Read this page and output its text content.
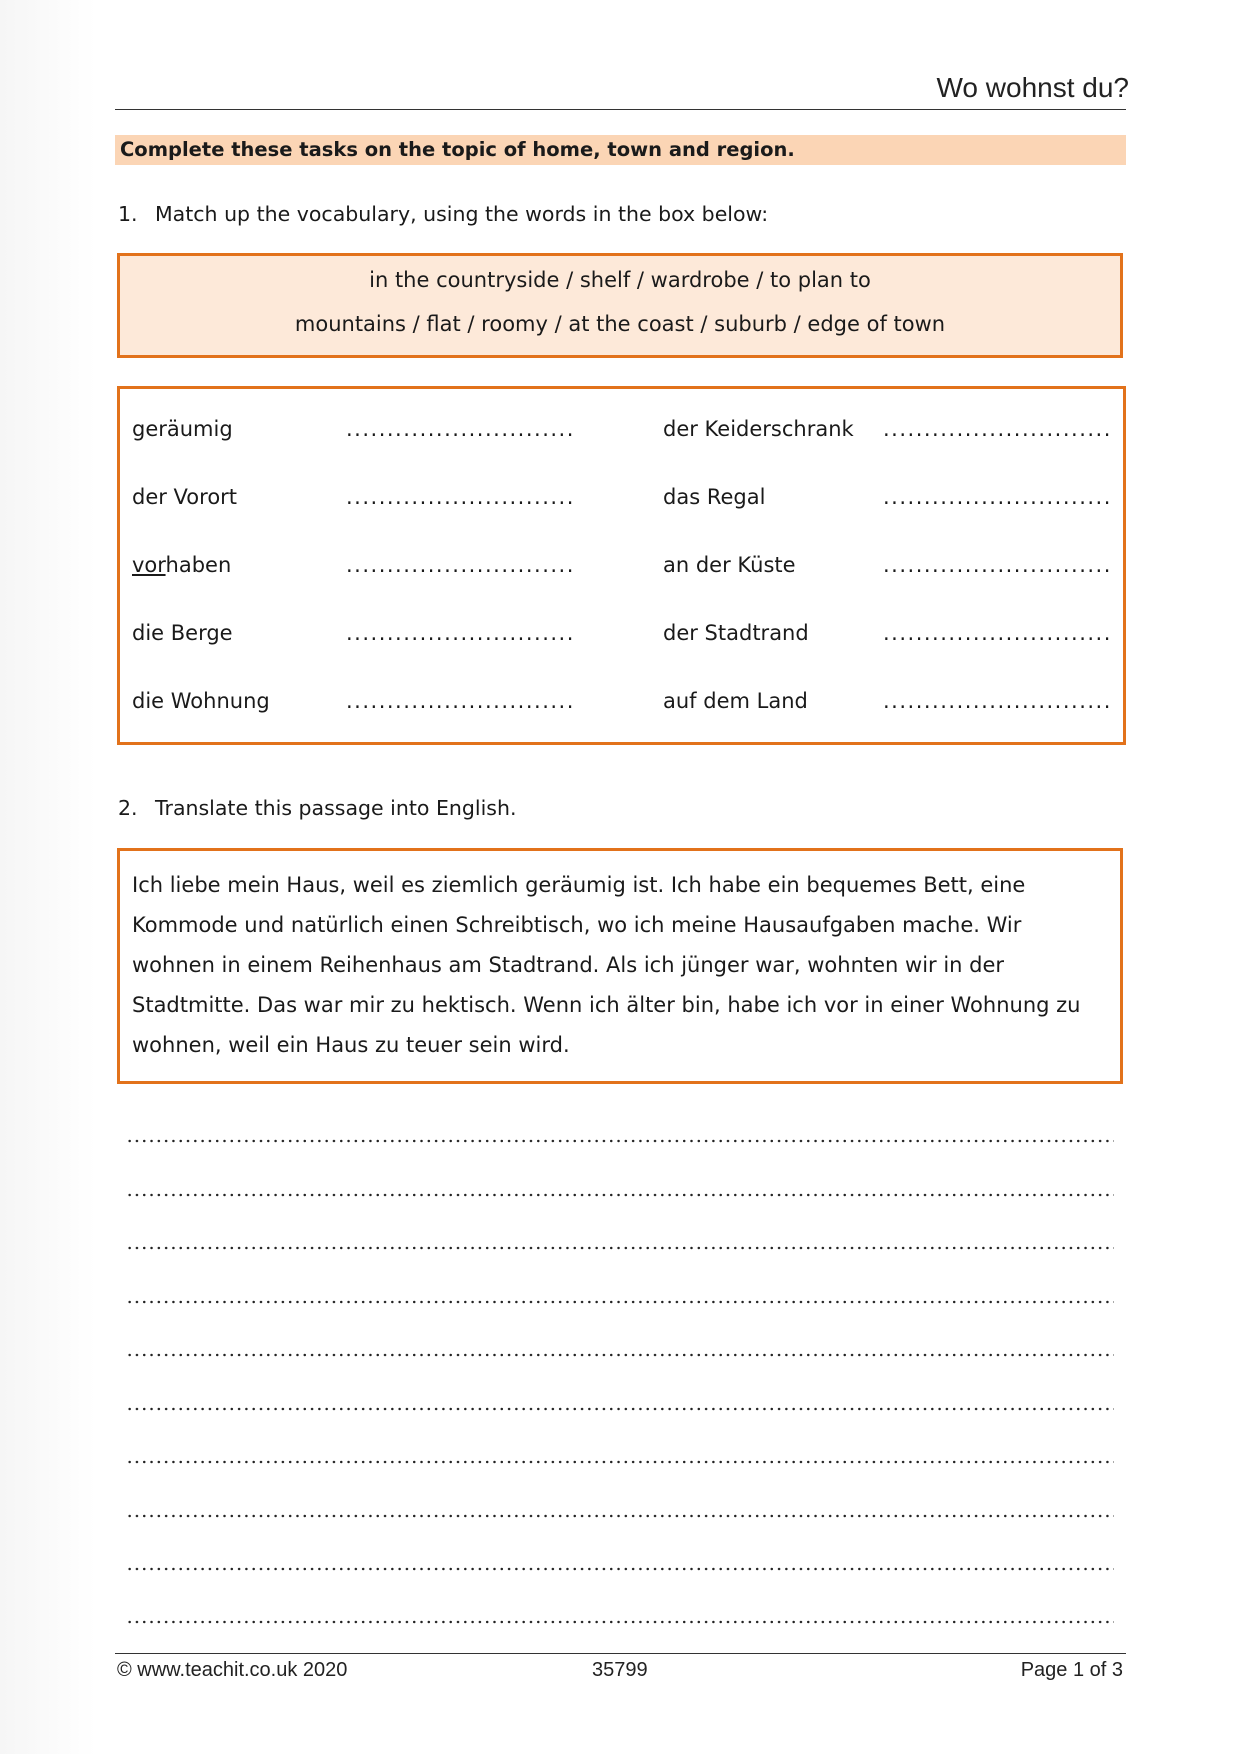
Wo wohnst du?
Complete these tasks on the topic of home, town and region.
1. Match up the vocabulary, using the words in the box below:
in the countryside / shelf / wardrobe / to plan to
mountains / flat / roomy / at the coast / suburb / edge of town
geräumig	............................	der Keiderschrank ............................
der Vorort	............................	das Regal	............................
vorhaben	............................	an der Küste	............................
die Berge	............................	der Stadtrand	............................
die Wohnung	............................	auf dem Land	............................
2. Translate this passage into English.

Ich liebe mein Haus, weil es ziemlich geräumig ist. Ich habe ein bequemes Bett, eine Kommode und natürlich einen Schreibtisch, wo ich meine Hausaufgaben mache. Wir wohnen in einem Reihenhaus am Stadtrand. Als ich jünger war, wohnten wir in der Stadtmitte. Das war mir zu hektisch. Wenn ich älter bin, habe ich vor in einer Wohnung zu wohnen, weil ein Haus zu teuer sein wird.

© www.teachit.co.uk 2020	35799	Page 1 of 3
